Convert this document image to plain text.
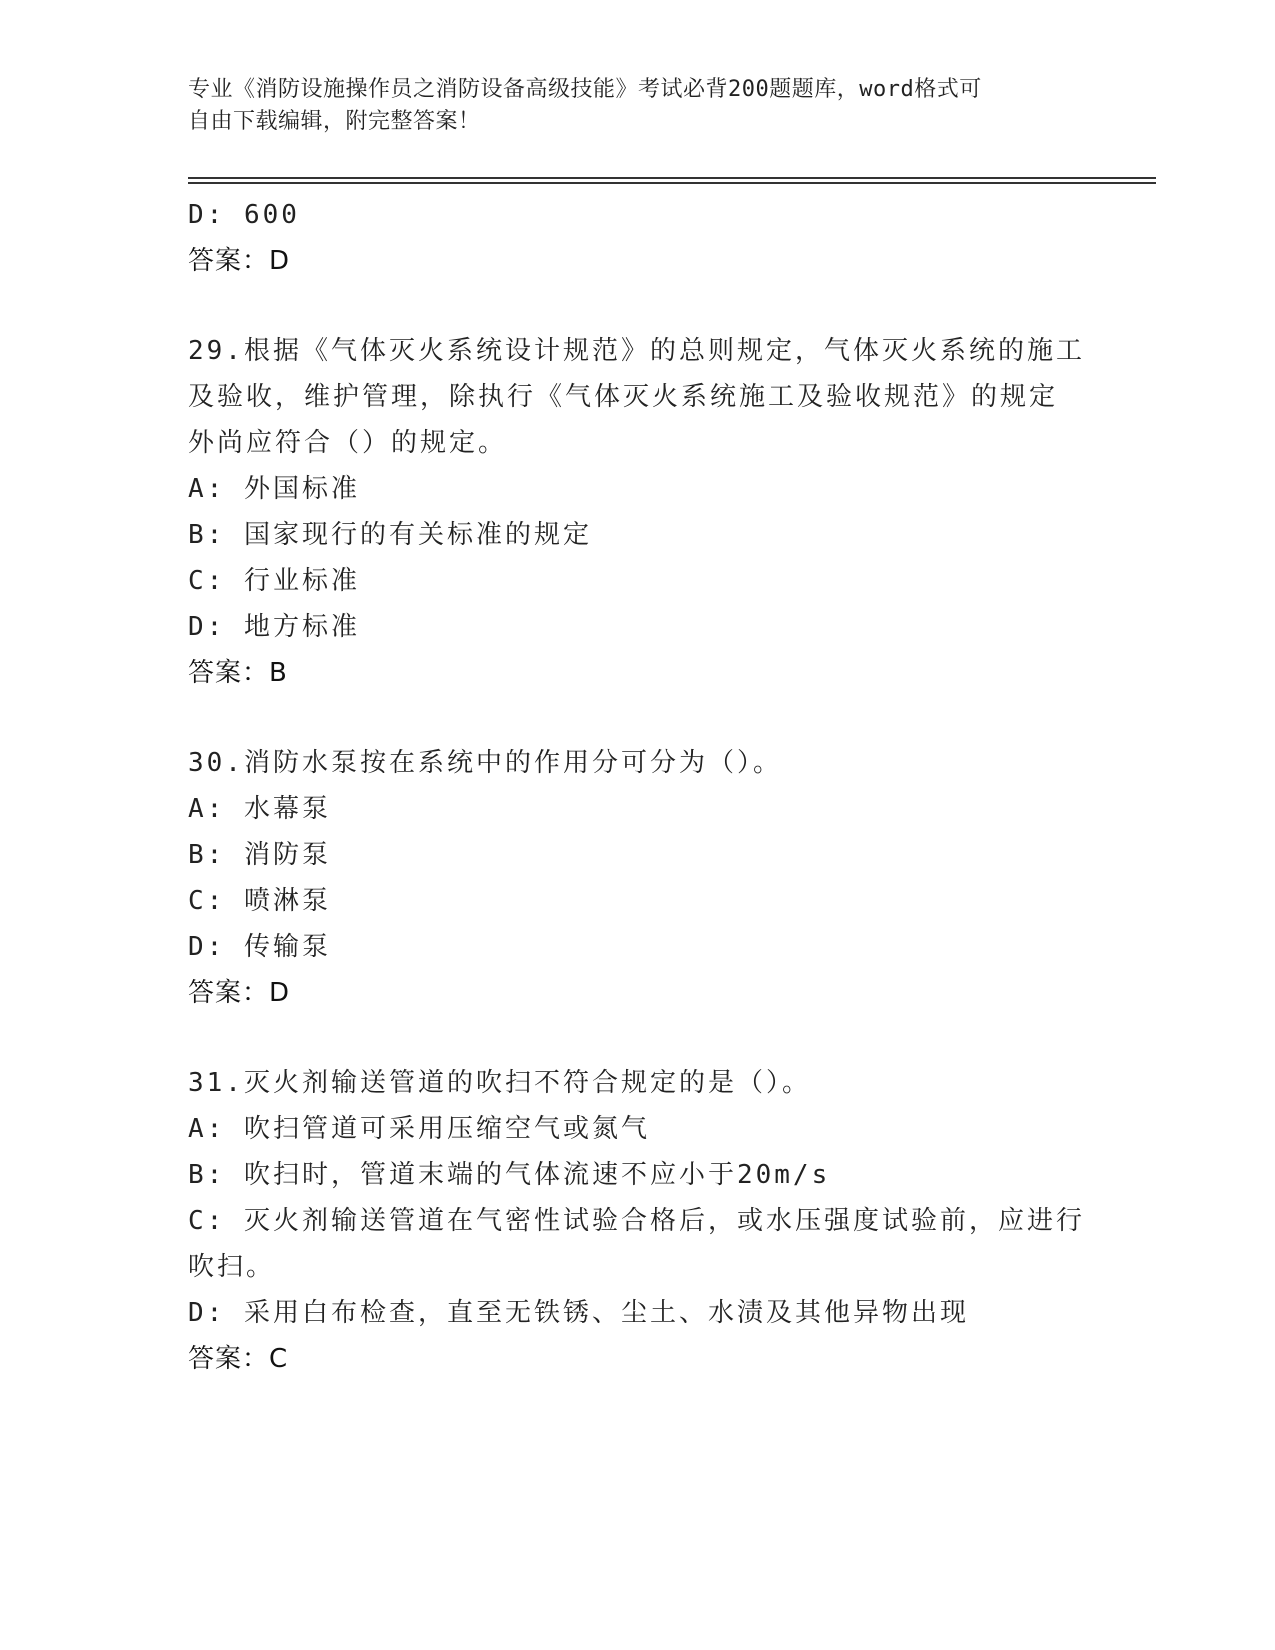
专业《消防设施操作员之消防设备高级技能》考试必背200题题库，word格式可
自由下载编辑，附完整答案！
D: 600
答案：D
29.根据《气体灭火系统设计规范》的总则规定，气体灭火系统的施工
及验收，维护管理，除执行《气体灭火系统施工及验收规范》的规定
外尚应符合（）的规定。
A: 外国标准
B: 国家现行的有关标准的规定
C: 行业标准
D: 地方标准
答案：B
30.消防水泵按在系统中的作用分可分为（）。
A: 水幕泵
B: 消防泵
C: 喷淋泵
D: 传输泵
答案：D
31.灭火剂输送管道的吹扫不符合规定的是（）。
A: 吹扫管道可采用压缩空气或氮气
B: 吹扫时，管道末端的气体流速不应小于20m/s
C: 灭火剂输送管道在气密性试验合格后，或水压强度试验前，应进行
吹扫。
D: 采用白布检查，直至无铁锈、尘土、水渍及其他异物出现
答案：C
